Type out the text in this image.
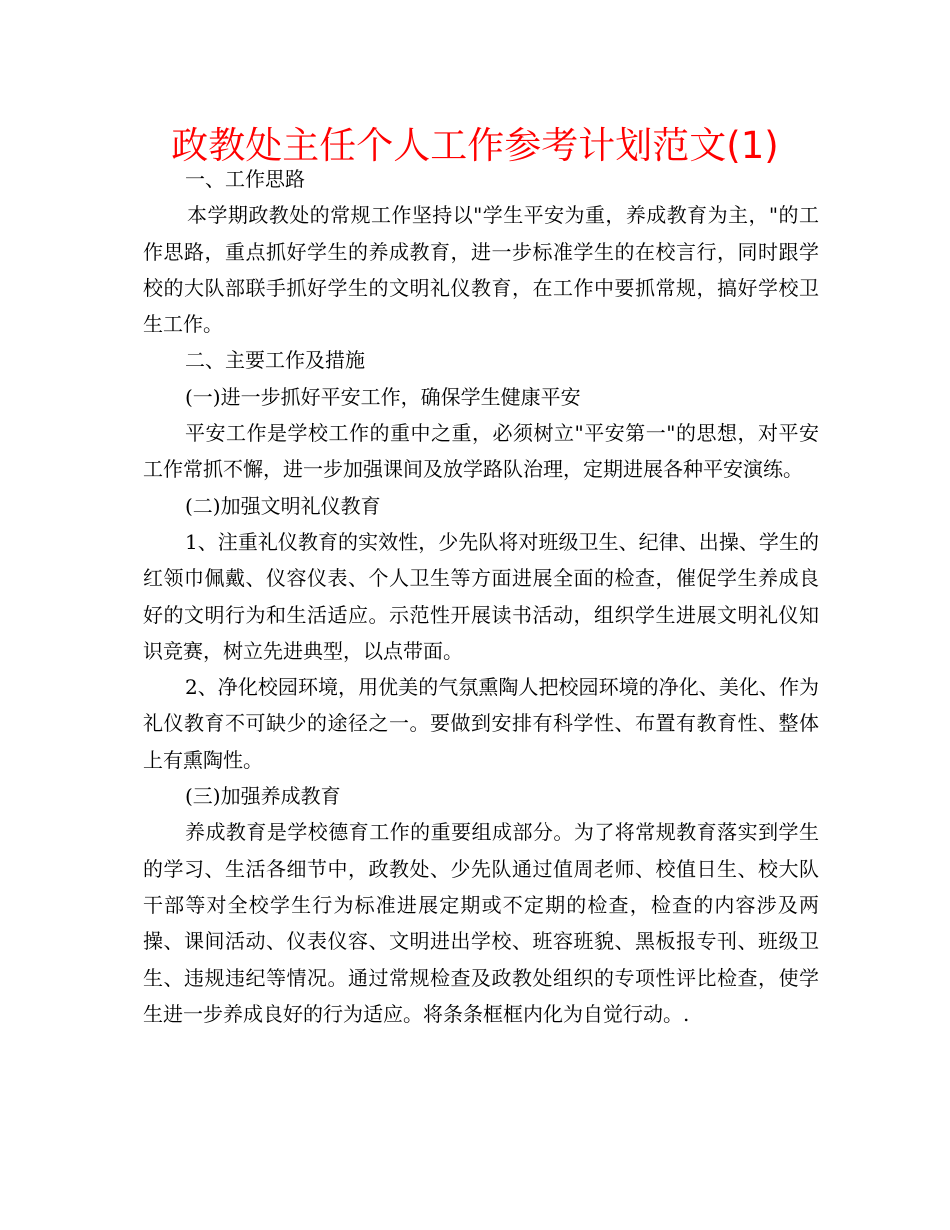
政教处主任个人工作参考计划范文(1)

一、工作思路

本学期政教处的常规工作坚持以"学生平安为重，养成教育为主，"的工作思路，重点抓好学生的养成教育，进一步标准学生的在校言行，同时跟学校的大队部联手抓好学生的文明礼仪教育，在工作中要抓常规，搞好学校卫生工作。

二、主要工作及措施

(一)进一步抓好平安工作，确保学生健康平安

平安工作是学校工作的重中之重，必须树立"平安第一"的思想，对平安工作常抓不懈，进一步加强课间及放学路队治理，定期进展各种平安演练。

(二)加强文明礼仪教育

1、注重礼仪教育的实效性，少先队将对班级卫生、纪律、出操、学生的红领巾佩戴、仪容仪表、个人卫生等方面进展全面的检查，催促学生养成良好的文明行为和生活适应。示范性开展读书活动，组织学生进展文明礼仪知识竞赛，树立先进典型，以点带面。

2、净化校园环境，用优美的气氛熏陶人把校园环境的净化、美化、作为礼仪教育不可缺少的途径之一。要做到安排有科学性、布置有教育性、整体上有熏陶性。

(三)加强养成教育

养成教育是学校德育工作的重要组成部分。为了将常规教育落实到学生的学习、生活各细节中，政教处、少先队通过值周老师、校值日生、校大队干部等对全校学生行为标准进展定期或不定期的检查，检查的内容涉及两操、课间活动、仪表仪容、文明进出学校、班容班貌、黑板报专刊、班级卫生、违规违纪等情况。通过常规检查及政教处组织的专项性评比检查，使学生进一步养成良好的行为适应。将条条框框内化为自觉行动。.
